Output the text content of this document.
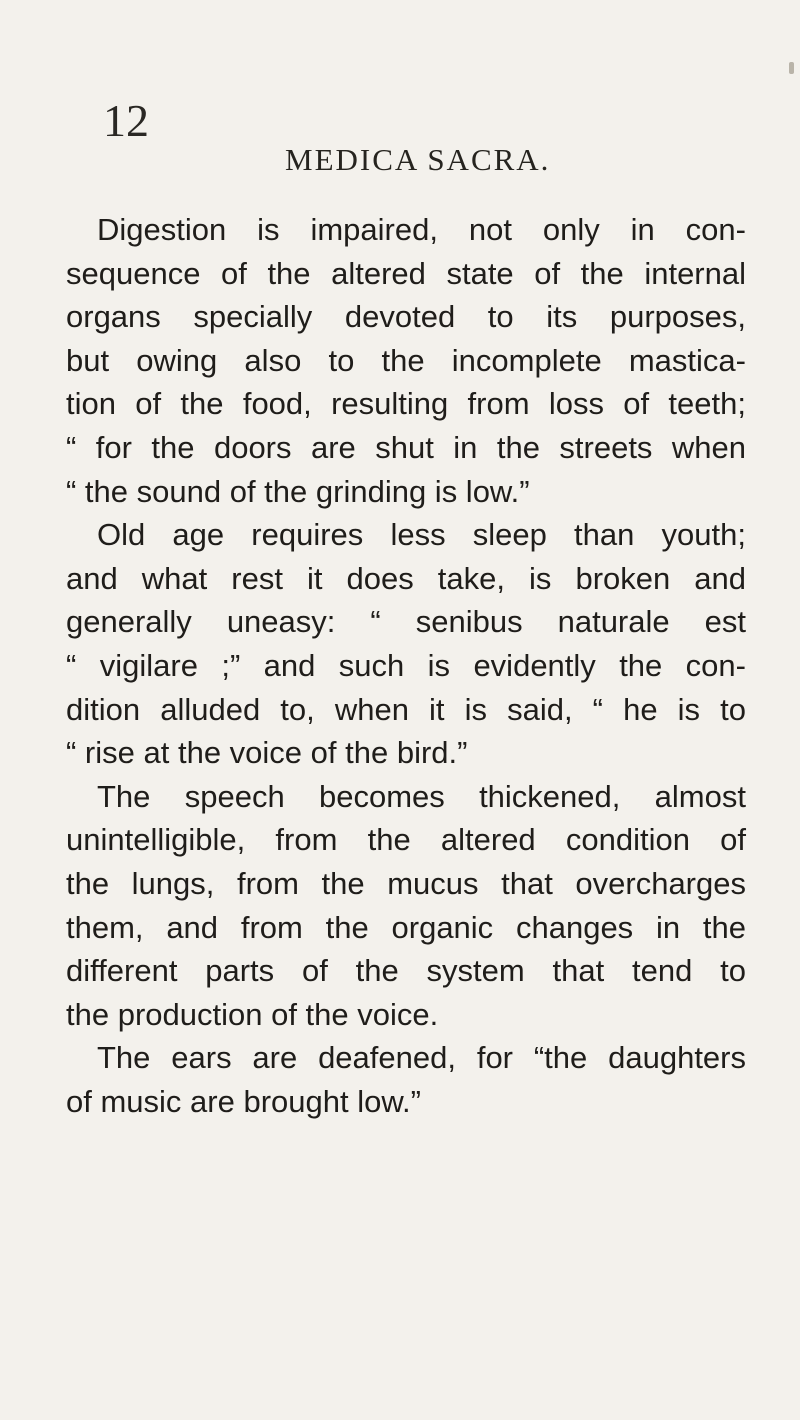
12
MEDICA SACRA.
Digestion is impaired, not only in con-
sequence of the altered state of the internal
organs specially devoted to its purposes,
but owing also to the incomplete mastica-
tion of the food, resulting from loss of teeth;
“ for the doors are shut in the streets when
“ the sound of the grinding is low.”
Old age requires less sleep than youth;
and what rest it does take, is broken and
generally uneasy: “ senibus naturale est
“ vigilare ;” and such is evidently the con-
dition alluded to, when it is said, “ he is to
“ rise at the voice of the bird.”
The speech becomes thickened, almost
unintelligible, from the altered condition of
the lungs, from the mucus that overcharges
them, and from the organic changes in the
different parts of the system that tend to
the production of the voice.
The ears are deafened, for “the daughters
of music are brought low.”
